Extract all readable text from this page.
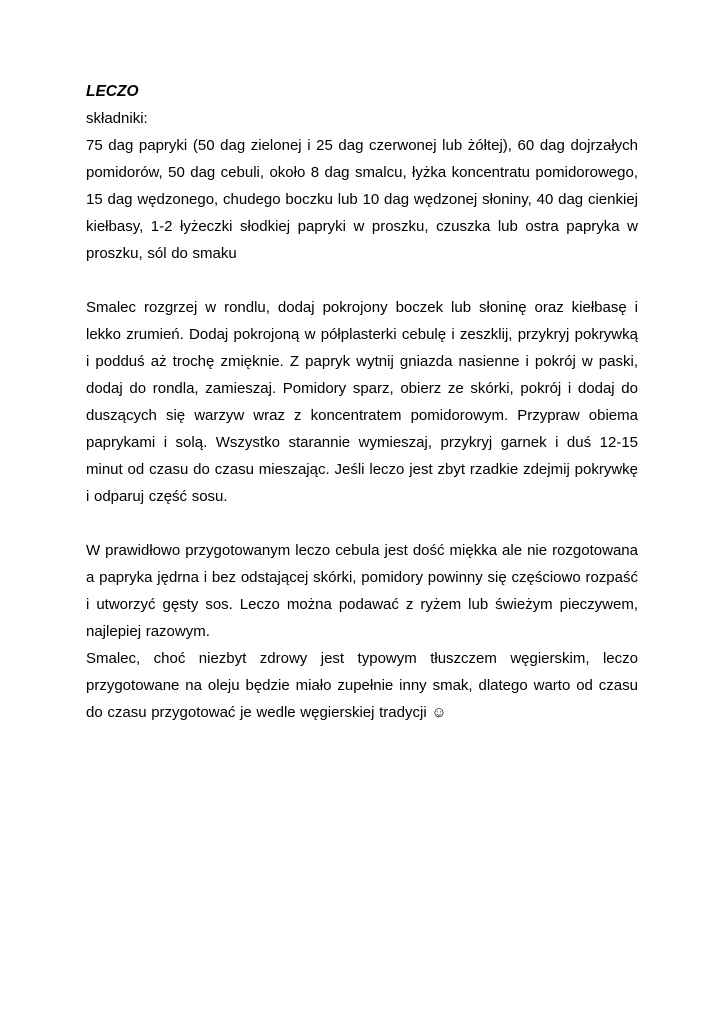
LECZO

składniki:

75 dag papryki (50 dag zielonej i 25 dag czerwonej lub żółtej), 60 dag dojrzałych pomidorów, 50 dag cebuli, około 8 dag smalcu, łyżka koncentratu pomidorowego, 15 dag wędzonego, chudego boczku lub 10 dag wędzonej słoniny, 40 dag cienkiej kiełbasy, 1-2 łyżeczki słodkiej papryki w proszku, czuszka lub ostra papryka w proszku, sól do smaku

Smalec rozgrzej w rondlu, dodaj pokrojony boczek lub słoninę oraz kiełbasę i lekko zrumień. Dodaj pokrojoną w półplasterki cebulę i zeszklij, przykryj pokrywką i podduś aż trochę zmięknie. Z papryk wytnij gniazda nasienne i pokrój w paski, dodaj do rondla, zamieszaj. Pomidory sparz, obierz ze skórki, pokrój i dodaj do duszących się warzyw wraz z koncentratem pomidorowym. Przypraw obiema paprykami i solą. Wszystko starannie wymieszaj, przykryj garnek i duś 12-15 minut od czasu do czasu mieszając. Jeśli leczo jest zbyt rzadkie zdejmij pokrywkę i odparuj część sosu.

W prawidłowo przygotowanym leczo cebula jest dość miękka ale nie rozgotowana a papryka jędrna i bez odstającej skórki, pomidory powinny się częściowo rozpaść i utworzyć gęsty sos. Leczo można podawać z ryżem lub świeżym pieczywem, najlepiej razowym.

Smalec, choć niezbyt zdrowy jest typowym tłuszczem węgierskim, leczo przygotowane na oleju będzie miało zupełnie inny smak, dlatego warto od czasu do czasu przygotować je wedle węgierskiej tradycji ☺
